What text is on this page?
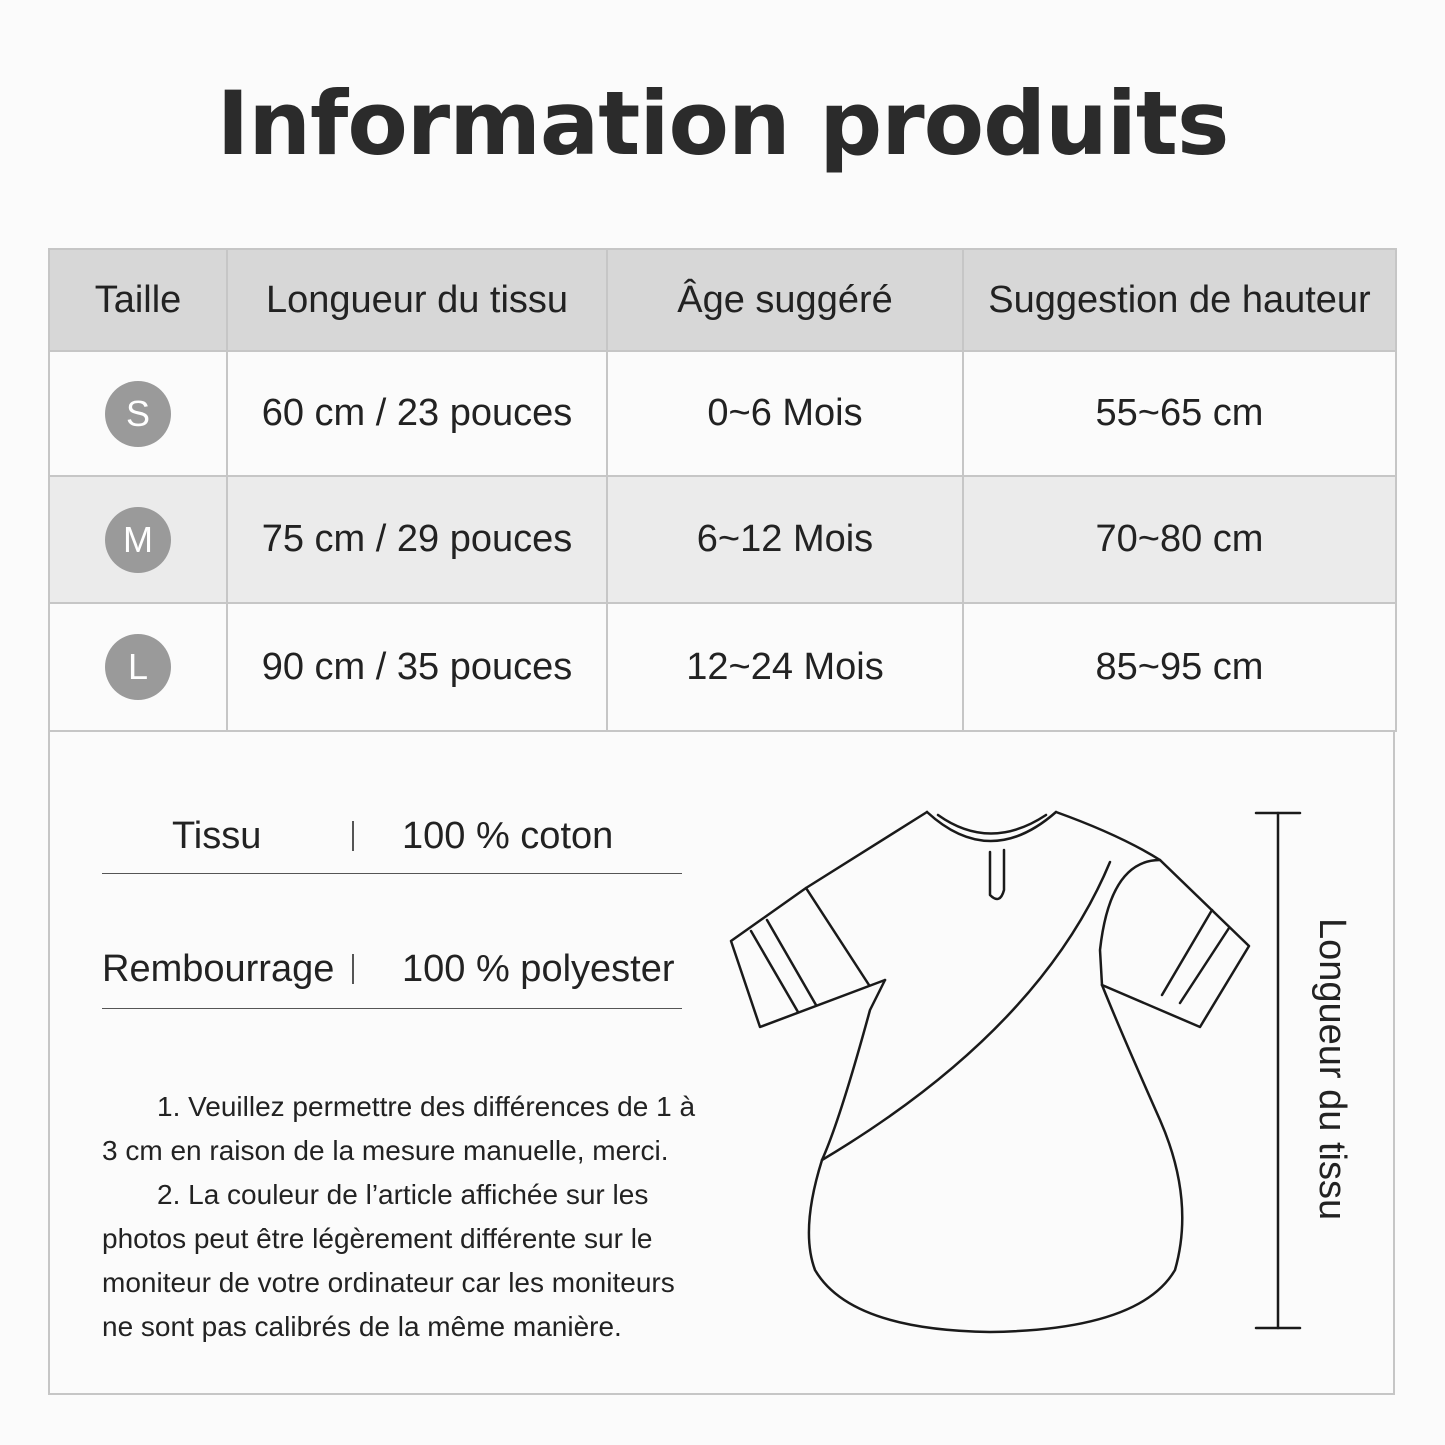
Information produits
Taille	Longueur du tissu	Âge suggéré	Suggestion de hauteur
S	60 cm / 23 pouces	0~6 Mois	55~65 cm
M	75 cm / 29 pouces	6~12 Mois	70~80 cm
L	90 cm / 35 pouces	12~24 Mois	85~95 cm
Tissu	100 % coton
Rembourrage 100 % polyester

1. Veuillez permettre des différences de 1 à 3 cm en raison de la mesure manuelle, merci.

2. La couleur de l’article affichée sur les photos peut être légèrement différente sur le moniteur de votre ordinateur car les moniteurs ne sont pas calibrés de la même manière.

Longueur du tissu
